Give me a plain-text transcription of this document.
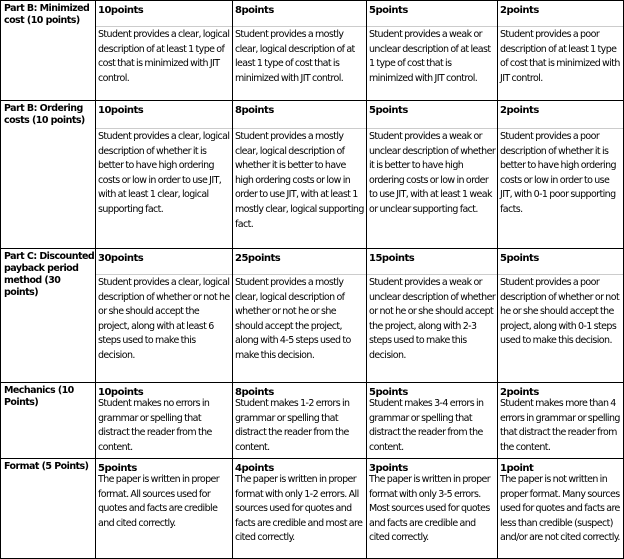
Part B: Minimized cost (10 points)
10points
Student provides a clear, logical description of at least 1 type of cost that is minimized with JIT control.
8points
Student provides a mostly clear, logical description of at least 1 type of cost that is minimized with JIT control.
5points
Student provides a weak or unclear description of at least 1 type of cost that is minimized with JIT control.
2points
Student provides a poor description of at least 1 type of cost that is minimized with JIT control.
Part B: Ordering costs (10 points)
10points
Student provides a clear, logical description of whether it is better to have high ordering costs or low in order to use JIT, with at least 1 clear, logical supporting fact.
8points
Student provides a mostly clear, logical description of whether it is better to have high ordering costs or low in order to use JIT, with at least 1 mostly clear, logical supporting fact.
5points
Student provides a weak or unclear description of whether it is better to have high ordering costs or low in order to use JIT, with at least 1 weak or unclear supporting fact.
2points
Student provides a poor description of whether it is better to have high ordering costs or low in order to use JIT, with 0-1 poor supporting facts.
Part C: Discounted payback period method (30 points)
30points
Student provides a clear, logical description of whether or not he or she should accept the project, along with at least 6 steps used to make this decision.
25points
Student provides a mostly clear, logical description of whether or not he or she should accept the project, along with 4-5 steps used to make this decision.
15points
Student provides a weak or unclear description of whether or not he or she should accept the project, along with 2-3 steps used to make this decision.
5points
Student provides a poor description of whether or not he or she should accept the project, along with 0-1 steps used to make this decision.
Mechanics (10 Points)
10points
Student makes no errors in grammar or spelling that distract the reader from the content.
8points
Student makes 1-2 errors in grammar or spelling that distract the reader from the content.
5points
Student makes 3-4 errors in grammar or spelling that distract the reader from the content.
2points
Student makes more than 4 errors in grammar or spelling that distract the reader from the content.
Format (5 Points) 5points
The paper is written in proper format. All sources used for quotes and facts are credible and cited correctly.
4points
The paper is written in proper format with only 1-2 errors. All sources used for quotes and facts are credible and most are cited correctly.
3points
The paper is written in proper format with only 3-5 errors. Most sources used for quotes and facts are credible and cited correctly.
1point
The paper is not written in proper format. Many sources used for quotes and facts are less than credible (suspect) and/or are not cited correctly.
